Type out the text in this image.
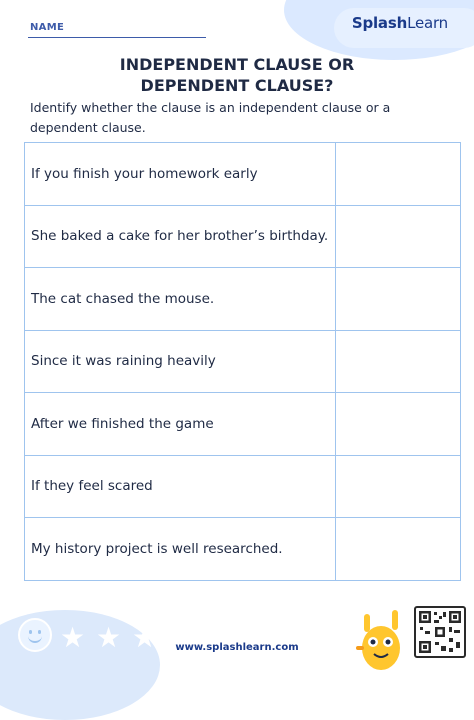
SplashLearn
NAME
INDEPENDENT CLAUSE OR
DEPENDENT CLAUSE?
Identify whether the clause is an independent clause or a dependent clause.
If you finish your homework early	
She baked a cake for her brother’s birthday.	
The cat chased the mouse.	
Since it was raining heavily	
After we finished the game	
If they feel scared	
My history project is well researched.	
★ ★ ★	www.splashlearn.com
